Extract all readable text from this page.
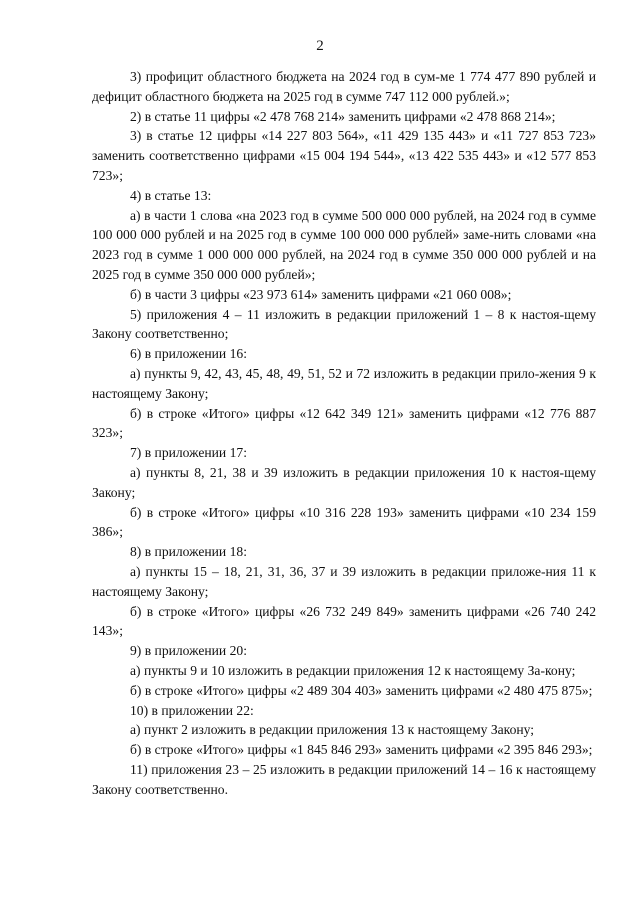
2

3) профицит областного бюджета на 2024 год в сум-ме 1 774 477 890 рублей и дефицит областного бюджета на 2025 год в сумме 747 112 000 рублей.»;

2) в статье 11 цифры «2 478 768 214» заменить цифрами «2 478 868 214»;

3) в статье 12 цифры «14 227 803 564», «11 429 135 443» и «11 727 853 723» заменить соответственно цифрами «15 004 194 544», «13 422 535 443» и «12 577 853 723»;

4) в статье 13:

а) в части 1 слова «на 2023 год в сумме 500 000 000 рублей, на 2024 год в сумме 100 000 000 рублей и на 2025 год в сумме 100 000 000 рублей» заме-нить словами «на 2023 год в сумме 1 000 000 000 рублей, на 2024 год в сумме 350 000 000 рублей и на 2025 год в сумме 350 000 000 рублей»;

б) в части 3 цифры «23 973 614» заменить цифрами «21 060 008»;

5) приложения 4 – 11 изложить в редакции приложений 1 – 8 к настоя-щему Закону соответственно;

6) в приложении 16:

а) пункты 9, 42, 43, 45, 48, 49, 51, 52 и 72 изложить в редакции прило-жения 9 к настоящему Закону;

б) в строке «Итого» цифры «12 642 349 121» заменить цифрами «12 776 887 323»;

7) в приложении 17:

а) пункты 8, 21, 38 и 39 изложить в редакции приложения 10 к настоя-щему Закону;

б) в строке «Итого» цифры «10 316 228 193» заменить цифрами «10 234 159 386»;

8) в приложении 18:

а) пункты 15 – 18, 21, 31, 36, 37 и 39 изложить в редакции приложе-ния 11 к настоящему Закону;

б) в строке «Итого» цифры «26 732 249 849» заменить цифрами «26 740 242 143»;

9) в приложении 20:

а) пункты 9 и 10 изложить в редакции приложения 12 к настоящему За-кону;

б) в строке «Итого» цифры «2 489 304 403» заменить цифрами «2 480 475 875»;

10) в приложении 22:

а) пункт 2 изложить в редакции приложения 13 к настоящему Закону;

б) в строке «Итого» цифры «1 845 846 293» заменить цифрами «2 395 846 293»;

11) приложения 23 – 25 изложить в редакции приложений 14 – 16 к настоящему Закону соответственно.
